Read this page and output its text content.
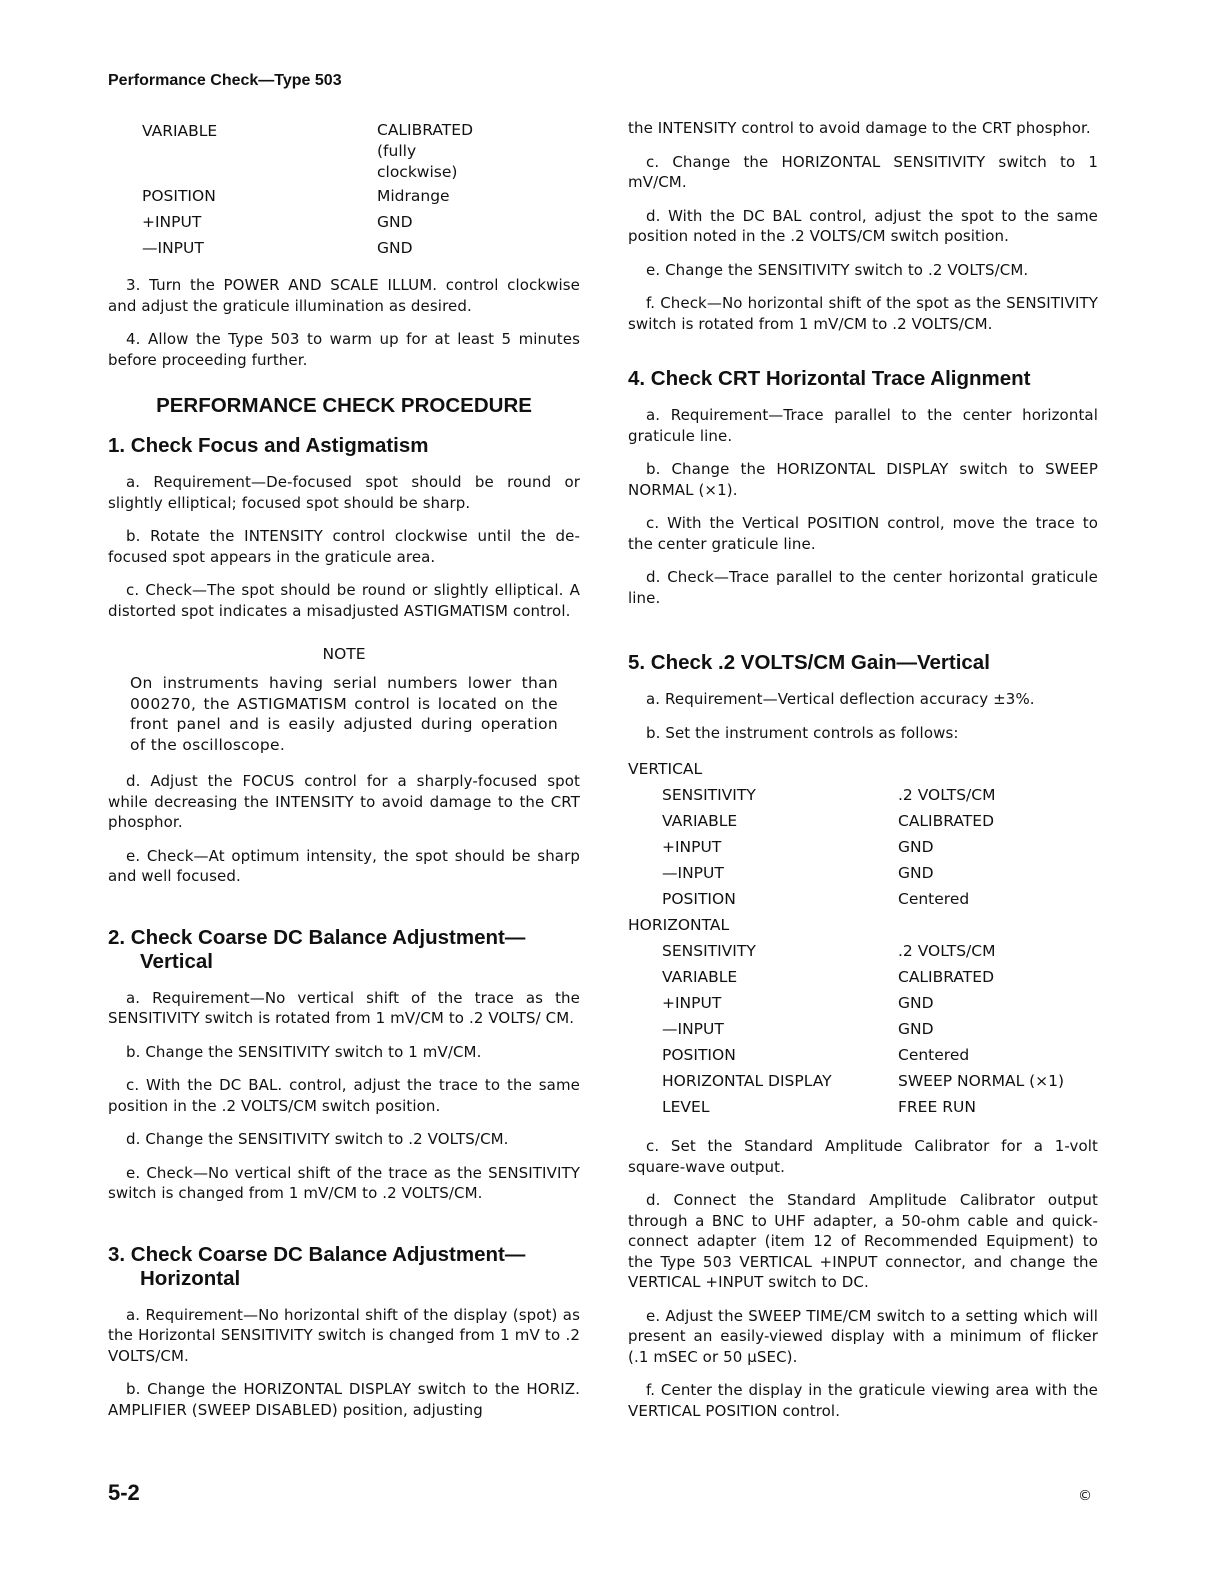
Performance Check—Type 503
VARIABLE	CALIBRATED (fully                   clockwise)
POSITION	Midrange
+INPUT	GND
—INPUT	GND

3. Turn the POWER AND SCALE ILLUM. control clockwise and adjust the graticule illumination as desired.

4. Allow the Type 503 to warm up for at least 5 minutes before proceeding further.

PERFORMANCE CHECK PROCEDURE
1. Check Focus and Astigmatism

a. Requirement—De-focused spot should be round or slightly elliptical; focused spot should be sharp.

b. Rotate the INTENSITY control clockwise until the de-focused spot appears in the graticule area.

c. Check—The spot should be round or slightly elliptical. A distorted spot indicates a misadjusted ASTIGMATISM control.

NOTE
On instruments having serial numbers lower than 000270, the ASTIGMATISM control is located on the front panel and is easily adjusted during operation of the oscilloscope.

d. Adjust the FOCUS control for a sharply-focused spot while decreasing the INTENSITY to avoid damage to the CRT phosphor.

e. Check—At optimum intensity, the spot should be sharp and well focused.

2. Check Coarse DC Balance Adjustment— Vertical

a. Requirement—No vertical shift of the trace as the SENSITIVITY switch is rotated from 1 mV/CM to .2 VOLTS/ CM.

b. Change the SENSITIVITY switch to 1 mV/CM.

c. With the DC BAL. control, adjust the trace to the same position in the .2 VOLTS/CM switch position.

d. Change the SENSITIVITY switch to .2 VOLTS/CM.

e. Check—No vertical shift of the trace as the SENSITIVITY switch is changed from 1 mV/CM to .2 VOLTS/CM.

3. Check Coarse DC Balance Adjustment— Horizontal

a. Requirement—No horizontal shift of the display (spot) as the Horizontal SENSITIVITY switch is changed from 1 mV to .2 VOLTS/CM.

b. Change the HORIZONTAL DISPLAY switch to the HORIZ. AMPLIFIER (SWEEP DISABLED) position, adjusting

the INTENSITY control to avoid damage to the CRT phosphor.

c. Change the HORIZONTAL SENSITIVITY switch to 1 mV/CM.

d. With the DC BAL control, adjust the spot to the same position noted in the .2 VOLTS/CM switch position.

e. Change the SENSITIVITY switch to .2 VOLTS/CM.

f. Check—No horizontal shift of the spot as the SENSITIVITY switch is rotated from 1 mV/CM to .2 VOLTS/CM.

4. Check CRT Horizontal Trace Alignment

a. Requirement—Trace parallel to the center horizontal graticule line.

b. Change the HORIZONTAL DISPLAY switch to SWEEP NORMAL (×1).

c. With the Vertical POSITION control, move the trace to the center graticule line.

d. Check—Trace parallel to the center horizontal graticule line.

5. Check .2 VOLTS/CM Gain—Vertical

a. Requirement—Vertical deflection accuracy ±3%.

b. Set the instrument controls as follows:

VERTICAL
SENSITIVITY	.2 VOLTS/CM
VARIABLE	CALIBRATED
+INPUT	GND
—INPUT	GND
POSITION	Centered
HORIZONTAL
SENSITIVITY	.2 VOLTS/CM
VARIABLE	CALIBRATED
+INPUT	GND
—INPUT	GND
POSITION	Centered
HORIZONTAL DISPLAY	SWEEP NORMAL (×1)
LEVEL	FREE RUN

c. Set the Standard Amplitude Calibrator for a 1-volt square-wave output.

d. Connect the Standard Amplitude Calibrator output through a BNC to UHF adapter, a 50-ohm cable and quick-connect adapter (item 12 of Recommended Equipment) to the Type 503 VERTICAL +INPUT connector, and change the VERTICAL +INPUT switch to DC.

e. Adjust the SWEEP TIME/CM switch to a setting which will present an easily-viewed display with a minimum of flicker (.1 mSEC or 50 μSEC).

f. Center the display in the graticule viewing area with the VERTICAL POSITION control.

5-2	©
